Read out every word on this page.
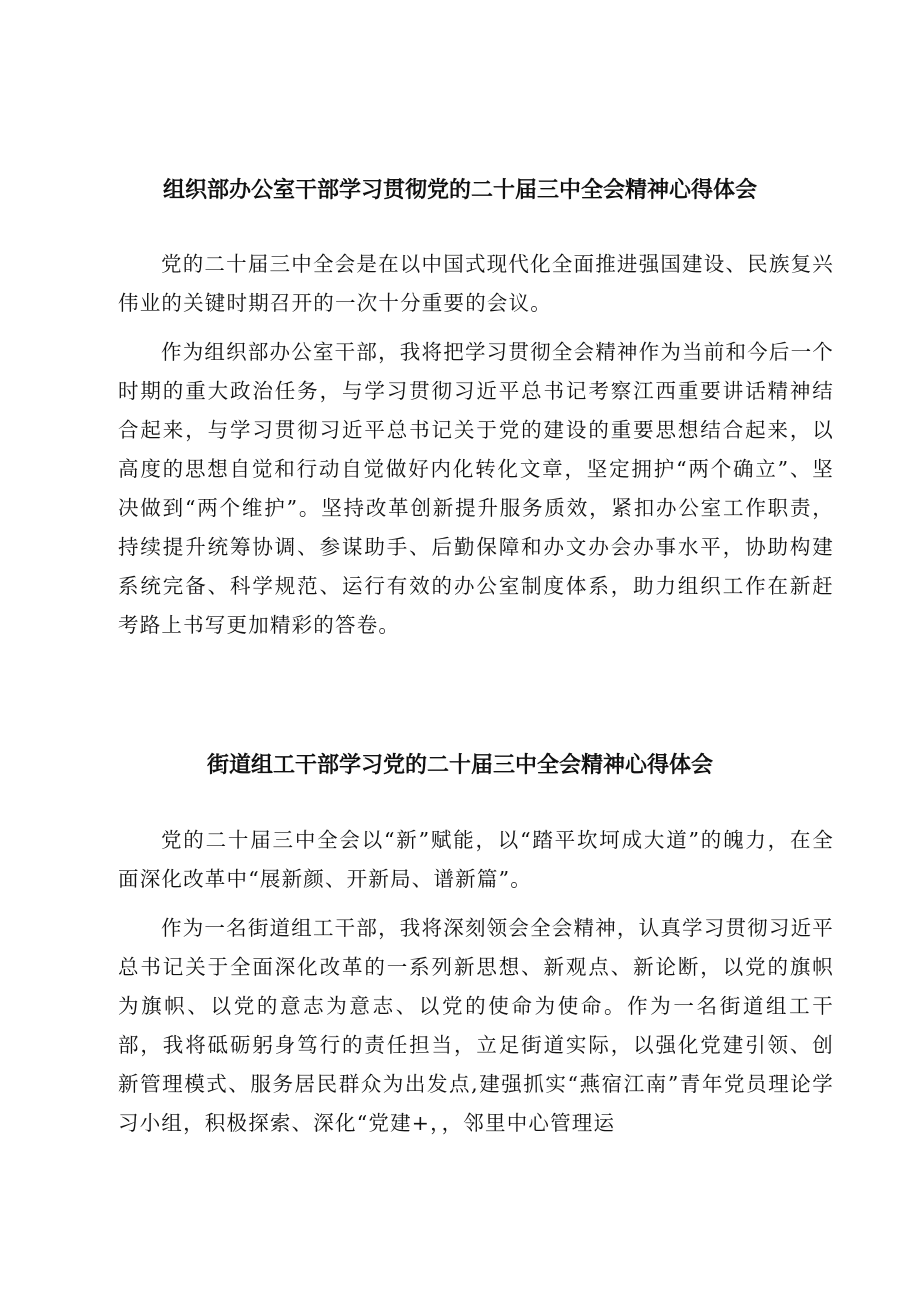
组织部办公室干部学习贯彻党的二十届三中全会精神心得体会

党的二十届三中全会是在以中国式现代化全面推进强国建设、民族复兴伟业的关键时期召开的一次十分重要的会议。

作为组织部办公室干部，我将把学习贯彻全会精神作为当前和今后一个时期的重大政治任务，与学习贯彻习近平总书记考察江西重要讲话精神结合起来，与学习贯彻习近平总书记关于党的建设的重要思想结合起来，以高度的思想自觉和行动自觉做好内化转化文章，坚定拥护“两个确立”、坚决做到“两个维护”。坚持改革创新提升服务质效，紧扣办公室工作职责，持续提升统筹协调、参谋助手、后勤保障和办文办会办事水平，协助构建系统完备、科学规范、运行有效的办公室制度体系，助力组织工作在新赶考路上书写更加精彩的答卷。

街道组工干部学习党的二十届三中全会精神心得体会

党的二十届三中全会以“新”赋能，以“踏平坎坷成大道”的魄力，在全面深化改革中“展新颜、开新局、谱新篇”。

作为一名街道组工干部，我将深刻领会全会精神，认真学习贯彻习近平总书记关于全面深化改革的一系列新思想、新观点、新论断，以党的旗帜为旗帜、以党的意志为意志、以党的使命为使命。作为一名街道组工干部，我将砥砺躬身笃行的责任担当，立足街道实际，以强化党建引领、创新管理模式、服务居民群众为出发点,建强抓实“燕宿江南”青年党员理论学习小组，积极探索、深化“党建+，，邻里中心管理运
